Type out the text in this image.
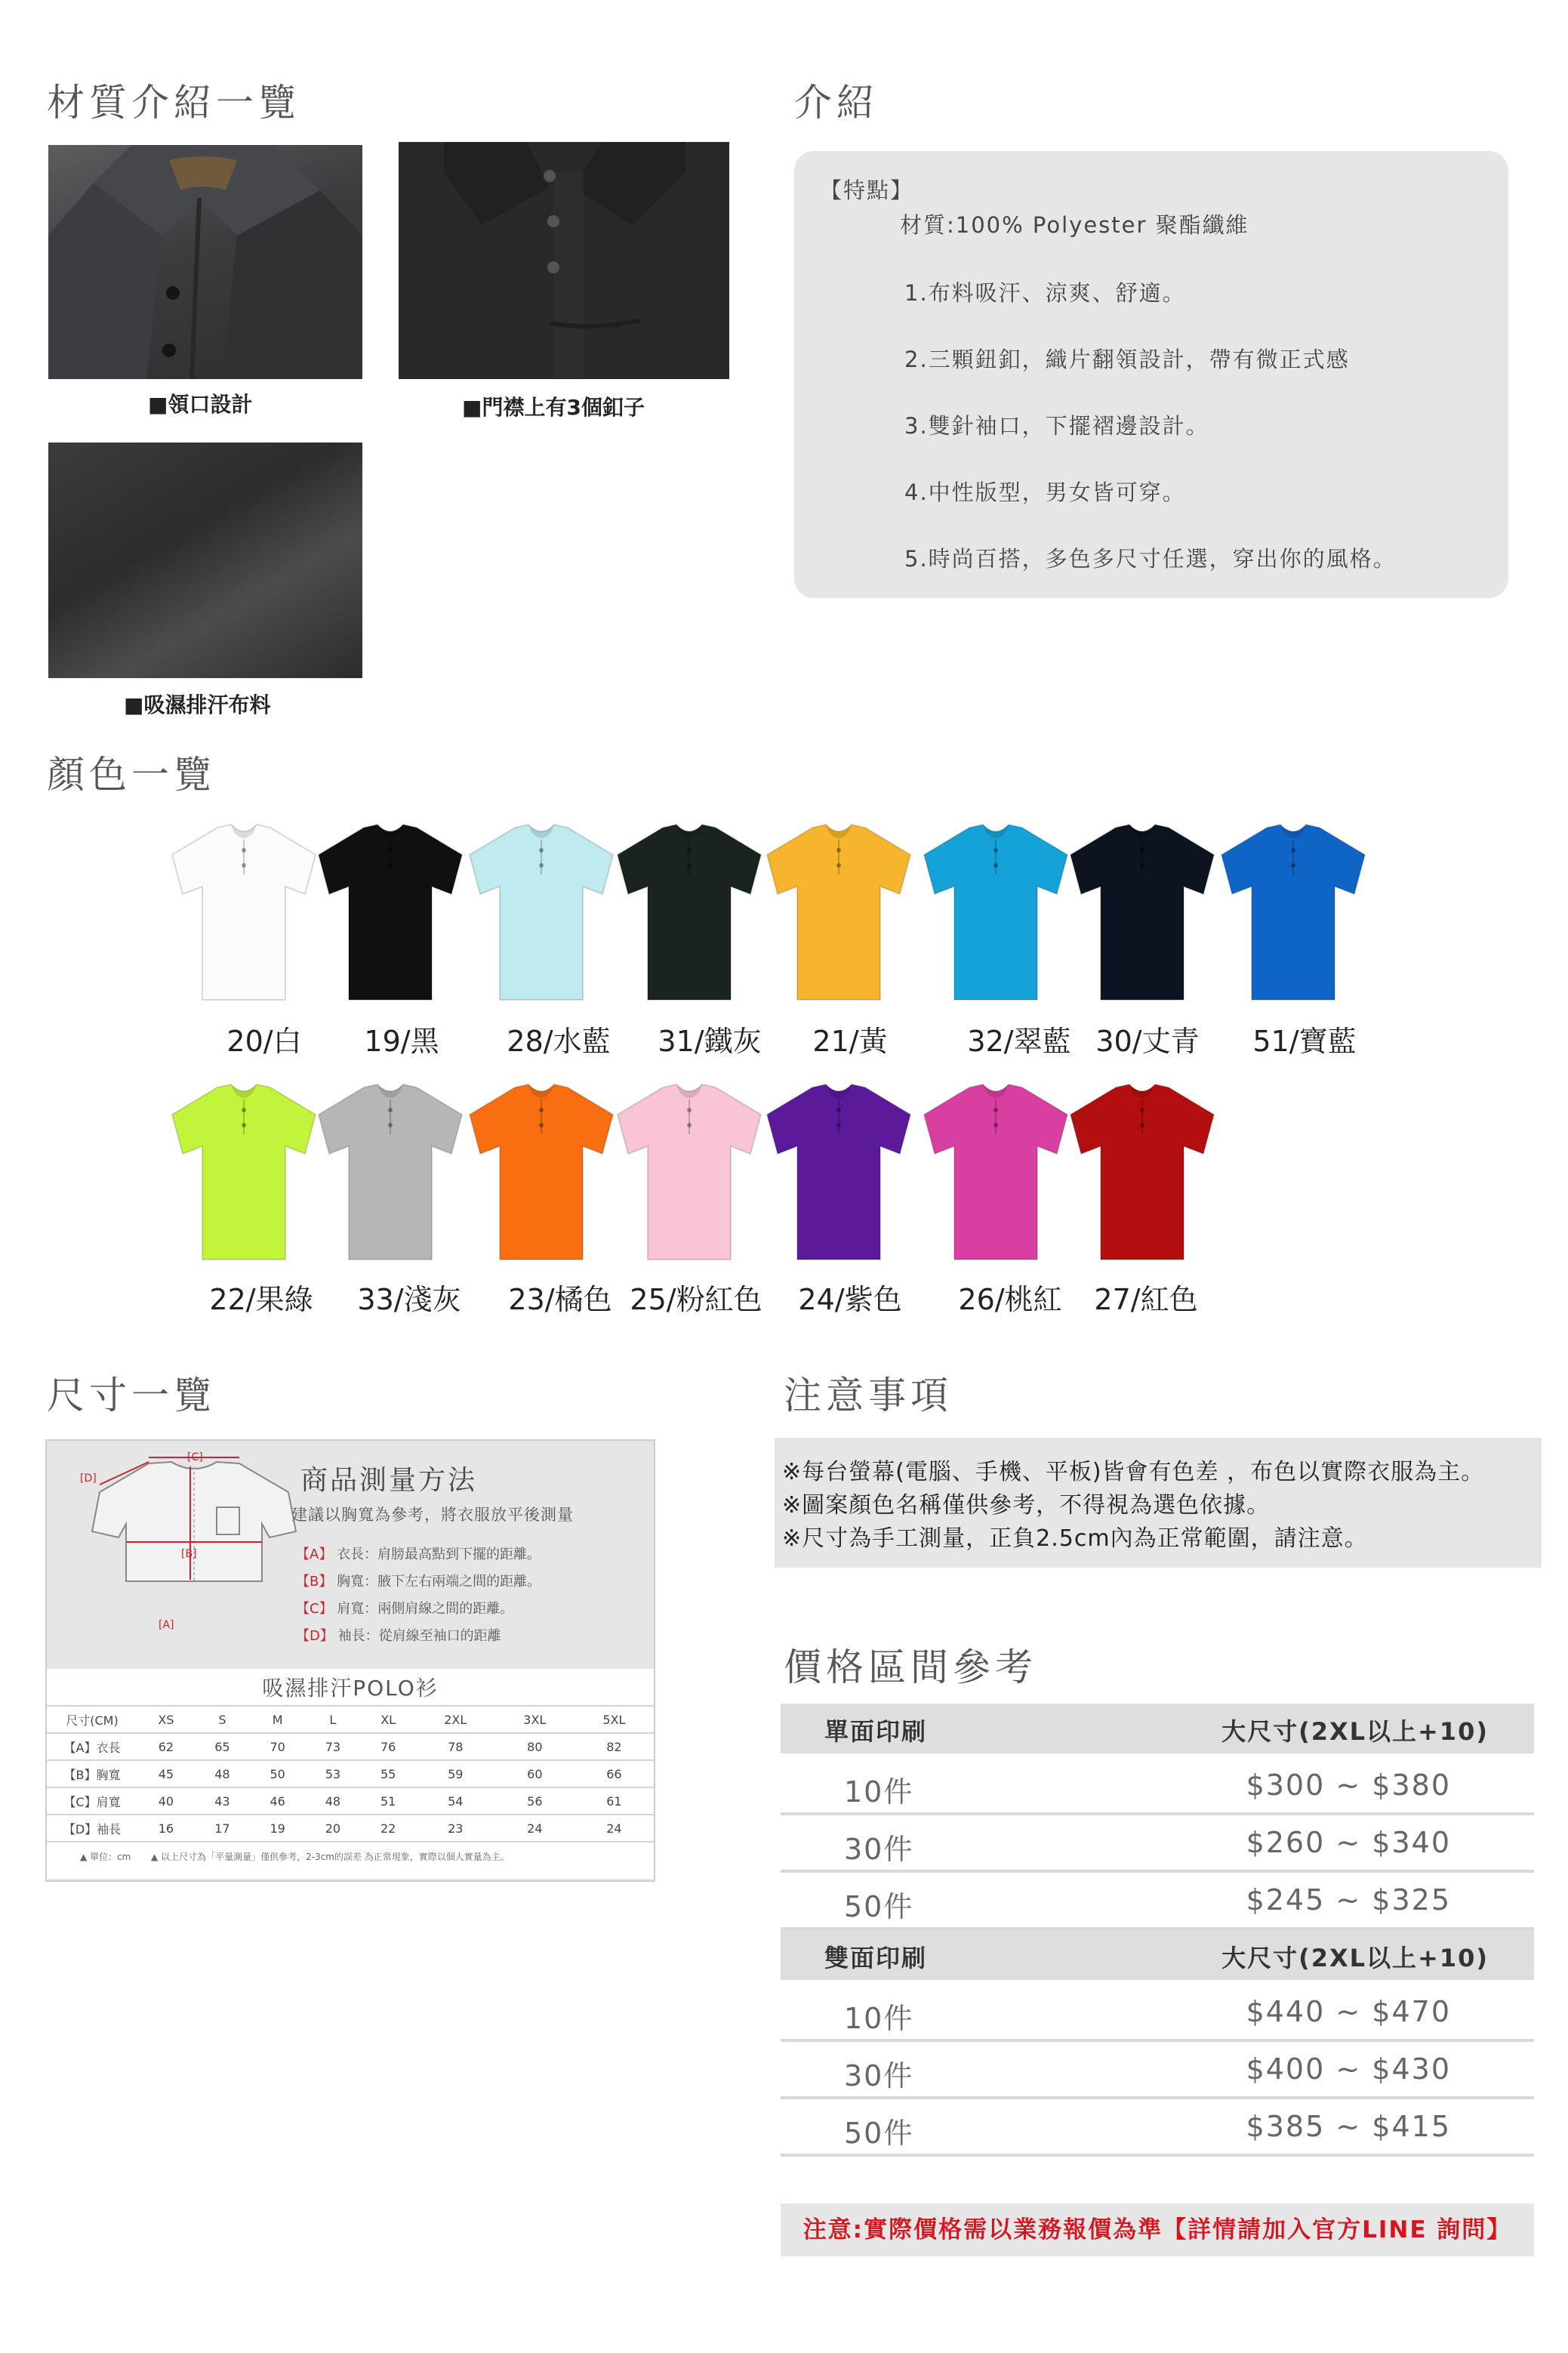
材質介紹一覽
■領口設計	■門襟上有3個釦子
■吸濕排汗布料
介紹
【特點】
材質:100% Polyester 聚酯纖維
1.布料吸汗、涼爽、舒適。
2.三顆鈕釦，織片翻領設計，帶有微正式感
3.雙針袖口，下擺褶邊設計。
4.中性版型，男女皆可穿。
5.時尚百搭，多色多尺寸任選，穿出你的風格。
顏色一覽
20/白	19/黑	28/水藍	31/鐵灰	21/黃	32/翠藍 30/丈青	51/寶藍
22/果綠	33/淺灰	23/橘色 25/粉紅色	24/紫色	26/桃紅	27/紅色
尺寸一覽
[C]
[D]
[B]
[A]
商品測量方法
建議以胸寬為參考，將衣服放平後測量
【A】 衣長：肩膀最高點到下擺的距離。
【B】 胸寬：腋下左右兩端之間的距離。
【C】 肩寬：兩側肩線之間的距離。
【D】 袖長：從肩線至袖口的距離
吸濕排汗POLO衫
尺寸(CM)	XS	S	M	L	XL	2XL	3XL	5XL
【A】衣長	62	65	70	73	76	78	80	82
【B】胸寬	45	48	50	53	55	59	60	66
【C】肩寬	40	43	46	48	51	54	56	61
【D】袖長	16	17	19	20	22	23	24	24
▲ 單位：cm ▲ 以上尺寸為「平量測量」僅供參考，2-3cm的誤差 為正常現象，實際以個人實量為主。
注意事項
※每台螢幕(電腦、手機、平板)皆會有色差 ，布色以實際衣服為主。
※圖案顏色名稱僅供參考，不得視為選色依據。
※尺寸為手工測量，正負2.5cm內為正常範圍，請注意。
價格區間參考
單面印刷	大尺寸(2XL以上+10)
10件	$300 ~ $380
30件	$260 ~ $340
50件	$245 ~ $325
雙面印刷	大尺寸(2XL以上+10)
10件	$440 ~ $470
30件	$400 ~ $430
50件	$385 ~ $415
注意:實際價格需以業務報價為準【詳情請加入官方LINE 詢問】
